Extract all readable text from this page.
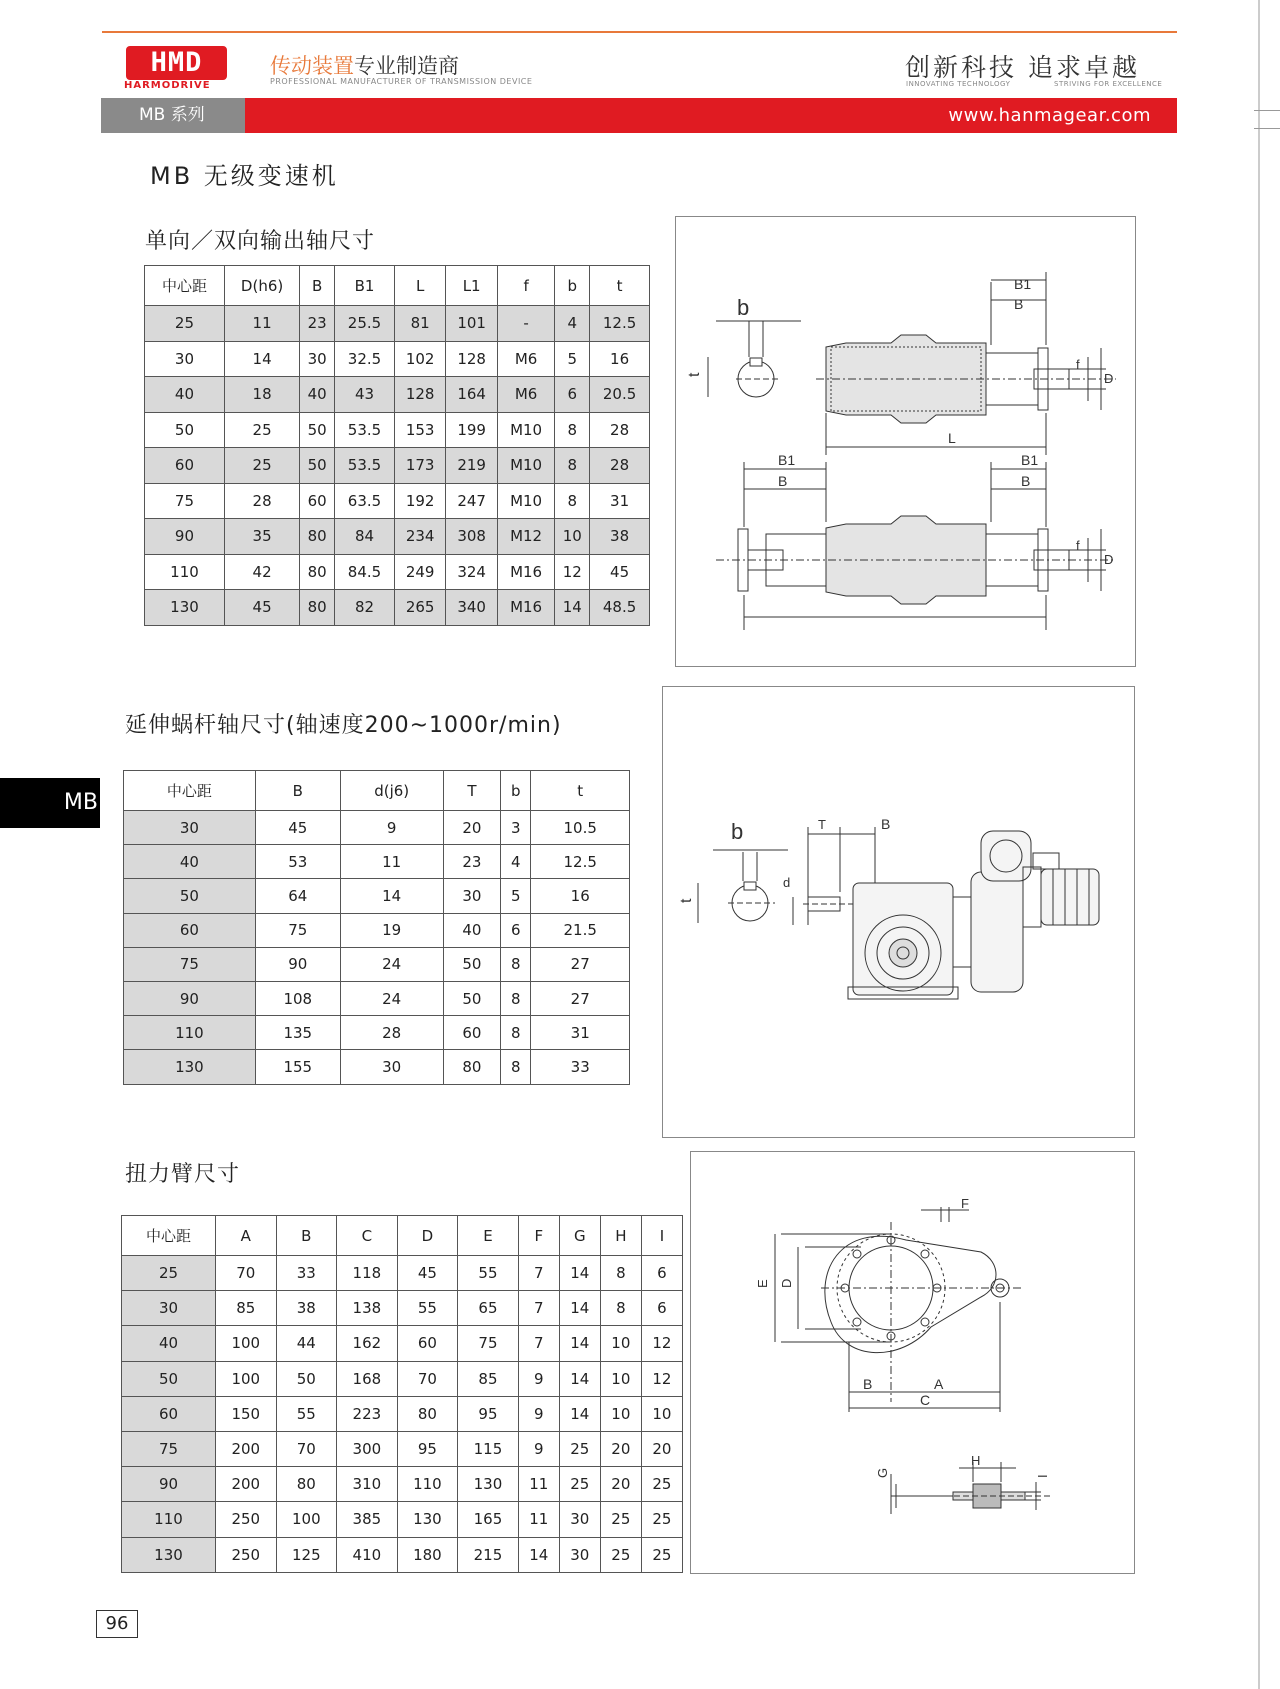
HMD
HARMODRIVE
传动装置专业制造商
PROFESSIONAL MANUFACTURER OF TRANSMISSION DEVICE	创新科技 追求卓越
INNOVATING TECHNOLOGY	STRIVING FOR EXCELLENCE
MB 系列	www.hanmagear.com
MB 无级变速机
单向／双向输出轴尺寸
中心距	D(h6)	B	B1	L	L1	f	b	t
25	11	23	25.5	81	101	-	4	12.5
30	14	30	32.5	102	128	M6	5	16
40	18	40	43	128	164	M6	6	20.5
50	25	50	53.5	153	199	M10	8	28
60	25	50	53.5	173	219	M10	8	28
75	28	60	63.5	192	247	M10	8	31
90	35	80	84	234	308	M12	10	38
110	42	80	84.5	249	324	M16	12	45
130	45	80	82	265	340	M16	14	48.5
b
t
B1
B
L
f
D
B1
B
B1
B
f
D
MB
延伸蜗杆轴尺寸(轴速度200~1000r/min)
中心距	B	d(j6)	T	b	t
30	45	9	20	3	10.5
40	53	11	23	4	12.5
50	64	14	30	5	16
60	75	19	40	6	21.5
75	90	24	50	8	27
90	108	24	50	8	27
110	135	28	60	8	31
130	155	30	80	8	33
b
t
d
T	B
扭力臂尺寸
中心距	A	B	C	D	E	F	G	H	I
25	70	33	118	45	55	7	14	8	6
30	85	38	138	55	65	7	14	8	6
40	100	44	162	60	75	7	14	10	12
50	100	50	168	70	85	9	14	10	12
60	150	55	223	80	95	9	14	10	10
75	200	70	300	95	115	9	25	20	20
90	200	80	310	110	130	11	25	20	25
110	250	100	385	130	165	11	30	25	25
130	250	125	410	180	215	14	30	25	25
F
E D
B	A
C
G
H
I
96
